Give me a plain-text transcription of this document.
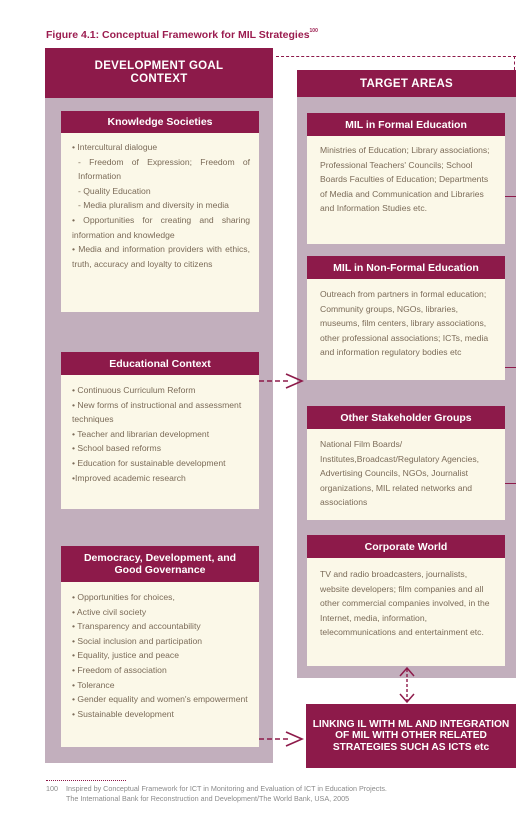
Figure 4.1: Conceptual Framework for MIL Strategies$^{100}$
DEVELOPMENT GOAL CONTEXT	TARGET AREAS
Knowledge Societies
• Intercultural dialogue
- Freedom of Expression; Freedom of Information
- Quality Education
- Media pluralism and diversity in media
• Opportunities for creating and sharing information and knowledge
• Media and information providers with ethics, truth, accuracy and loyalty to citizens
Educational Context
• Continuous Curriculum Reform
• New forms of instructional and assessment techniques
• Teacher and librarian development
• School based reforms
• Education for sustainable development
•Improved academic research
Democracy, Development, and Good Governance
• Opportunities for choices,
• Active civil society
• Transparency and accountability
• Social inclusion and participation
• Equality, justice and peace
• Freedom of association
• Tolerance
• Gender equality and women's empowerment
• Sustainable development
MIL in Formal Education
Ministries of Education; Library associations; Professional Teachers' Councils; School Boards Faculties of Education; Departments of Media and Communication and Libraries and Information Studies etc.
MIL in Non-Formal Education
Outreach from partners in formal education; Community groups, NGOs, libraries, museums, film centers, library associations, other professional associations; ICTs, media and information regulatory bodies etc
Other Stakeholder Groups
National Film Boards/ Institutes,Broadcast/Regulatory Agencies, Advertising Councils, NGOs, Journalist organizations, MIL related networks and associations
Corporate World
TV and radio broadcasters, journalists, website developers; film companies and all other commercial companies involved, in the Internet, media, information, telecommunications and entertainment etc.
LINKING IL WITH ML AND INTEGRATION OF MIL WITH OTHER RELATED STRATEGIES SUCH AS ICTS etc
100 Inspired by Conceptual Framework for ICT in Monitoring and Evaluation of ICT in Education Projects.
The International Bank for Reconstruction and Development/The World Bank, USA, 2005
